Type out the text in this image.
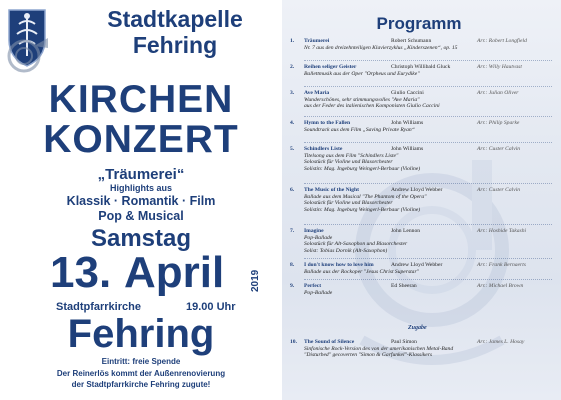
Stadtkapelle
Fehring
KIRCHEN
KONZERT
„Träumerei“
Highlights aus
Klassik · Romantik · Film
Pop & Musical
Samstag
13. April	2019
Stadtpfarrkirche	19.00 Uhr
Fehring
Eintritt: freie Spende
Der Reinerlös kommt der Außenrenovierung
der Stadtpfarrkirche Fehring zugute!
Programm
1. Träumerei	Robert Schumann	Arr.: Robert Longfield
Nr. 7 aus den dreizehnteiligen Klavierzyklus „Kinderszenen“, op. 15
2. Reihen seliger Geister	Christoph Willibald Gluck	Arr.: Willy Hautvast
Ballettmusik aus der Oper "Orpheus und Eurydike"
3. Ave Maria	Giulio Caccini	Arr.: Julian Oliver
Wunderschönes, sehr stimmungsvolles "Ave Maria"
aus der Feder des italienischen Komponisten Giulio Caccini
4. Hymn to the Fallen	John Williams	Arr.: Philip Sparke
Soundtrack aus dem Film „Saving Private Ryan“
5. Schindlers Liste	John Williams	Arr.: Custer Calvin
Titelsong aus dem Film "Schindlers Liste"
Solostück für Violine und Blasorchester
Solistin: Mag. Ingeburg Weingerl-Berbaur (Violine)
6. The Music of the Night	Andrew Lloyd Webber	Arr.: Custer Calvin
Ballade aus dem Musical "The Phantom of the Opera"
Solostück für Violine und Blasorchester
Solistin: Mag. Ingeburg Weingerl-Berbaur (Violine)
7. Imagine	John Lennon	Arr.: Hoshide Takashi
Pop-Ballade
Solostück für Alt-Saxophon und Blasorchester
Solist: Tobias Dornik (Alt-Saxophon)
8. I don't know how to love him	Andrew Lloyd Webber	Arr.: Frank Bernaerts
Ballade aus der Rockoper "Jesus Christ Superstar"
9. Perfect	Ed Sheeran	Arr.: Michael Brown
Pop-Ballade
10. The Sound of Silence	Paul Simon	Arr.: James L. Hosay
Sinfonische Rock-Version des von der amerikanischen Metal-Band
"Disturbed" gecoverten "Simon & Garfunkel"-Klassikers
Zugabe
